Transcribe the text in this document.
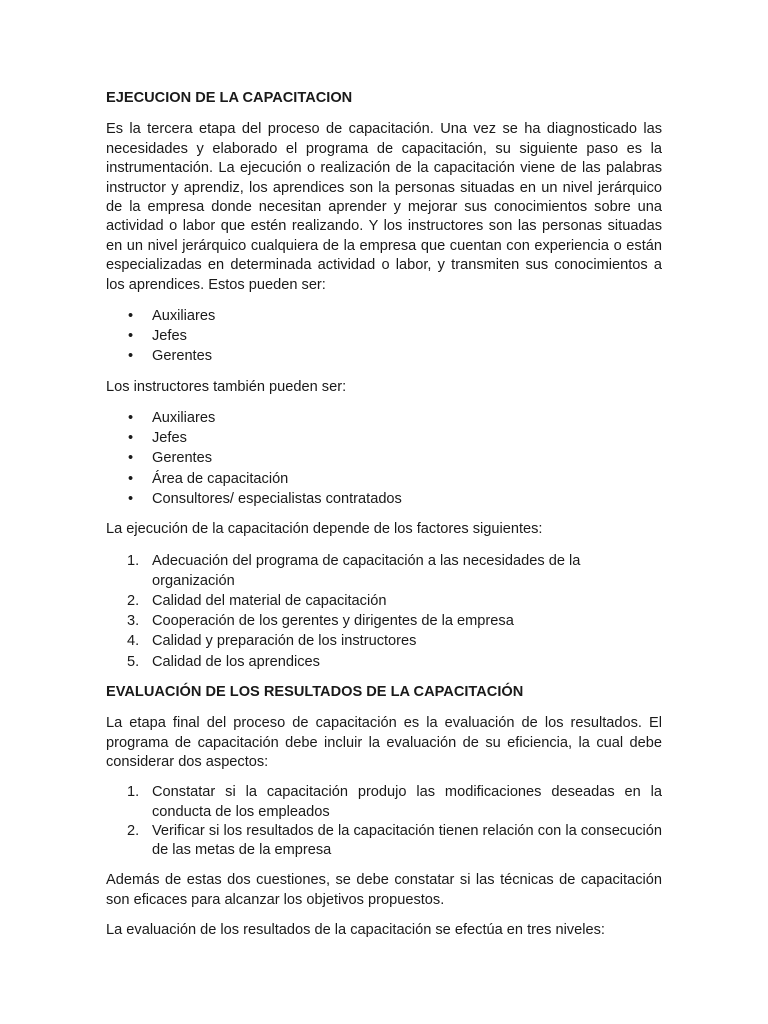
EJECUCION DE LA CAPACITACION

Es la tercera etapa del proceso de capacitación. Una vez se ha diagnosticado las necesidades y elaborado el programa de capacitación, su siguiente paso es la instrumentación. La ejecución o realización de la capacitación viene de las palabras instructor y aprendiz, los aprendices son la personas situadas en un nivel jerárquico de la empresa donde necesitan aprender y mejorar sus conocimientos sobre una actividad o labor que estén realizando. Y los instructores son las personas situadas en un nivel jerárquico cualquiera de la empresa que cuentan con experiencia o están especializadas en determinada actividad o labor, y transmiten sus conocimientos a los aprendices. Estos pueden ser:

• Auxiliares
• Jefes
• Gerentes

Los instructores también pueden ser:

• Auxiliares
• Jefes
• Gerentes
• Área de capacitación
• Consultores/ especialistas contratados

La ejecución de la capacitación depende de los factores siguientes:

1. Adecuación del programa de capacitación a las necesidades de la organización
2. Calidad del material de capacitación
3. Cooperación de los gerentes y dirigentes de la empresa
4. Calidad y preparación de los instructores
5. Calidad de los aprendices
EVALUACIÓN DE LOS RESULTADOS DE LA CAPACITACIÓN

La etapa final del proceso de capacitación es la evaluación de los resultados. El programa de capacitación debe incluir la evaluación de su eficiencia, la cual debe considerar dos aspectos:

1. Constatar si la capacitación produjo las modificaciones deseadas en la conducta de los empleados
2. Verificar si los resultados de la capacitación tienen relación con la consecución de las metas de la empresa

Además de estas dos cuestiones, se debe constatar si las técnicas de capacitación son eficaces para alcanzar los objetivos propuestos.

La evaluación de los resultados de la capacitación se efectúa en tres niveles:
